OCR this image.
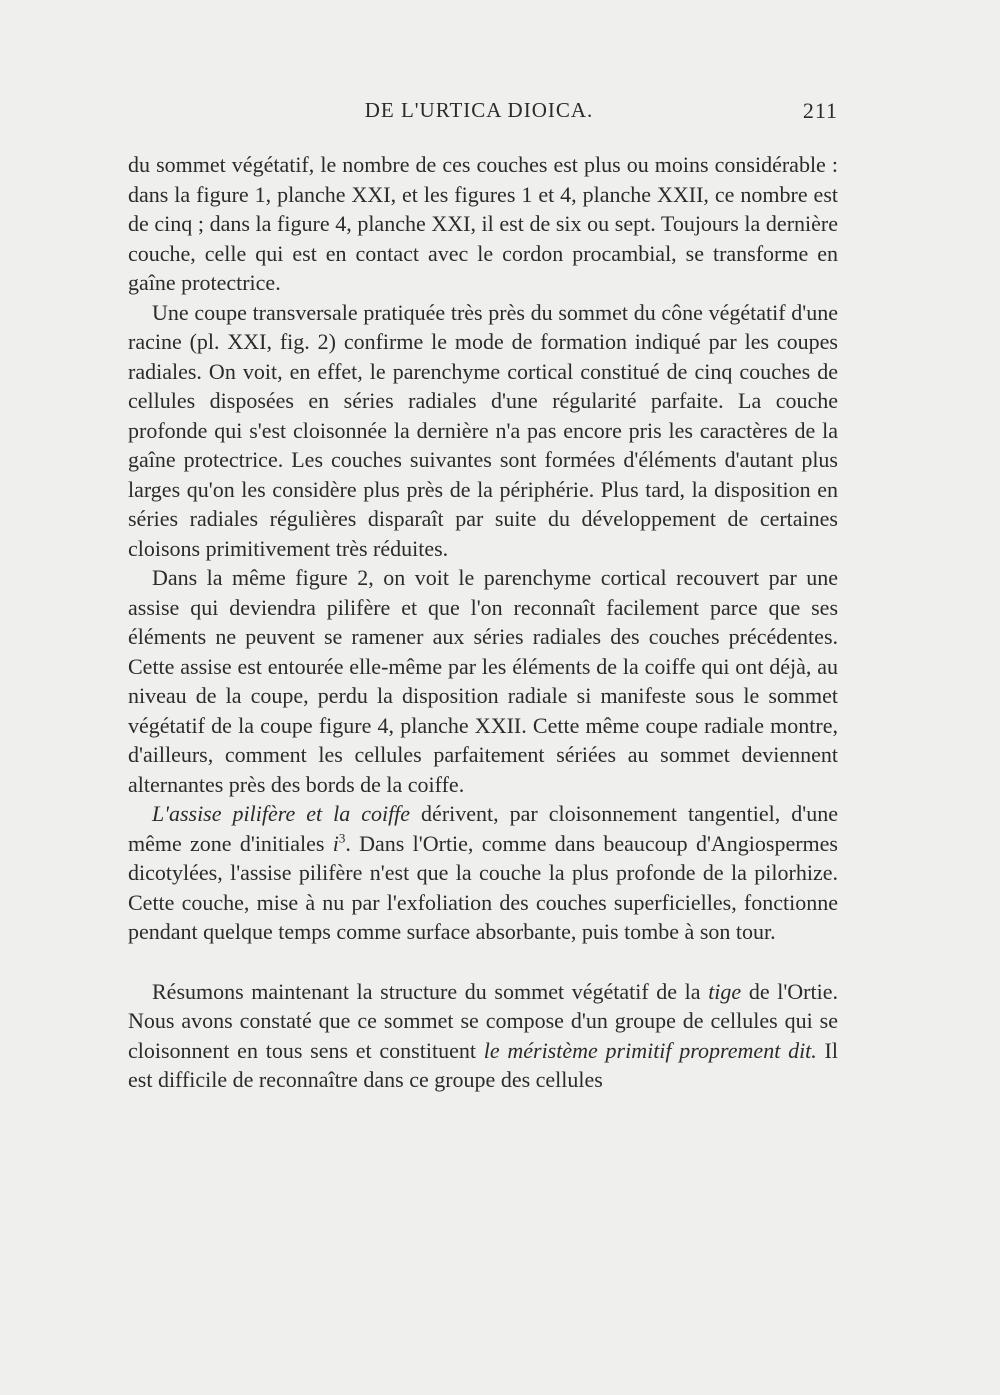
DE L'URTICA DIOICA.	211

du sommet végétatif, le nombre de ces couches est plus ou moins considérable : dans la figure 1, planche XXI, et les figures 1 et 4, planche XXII, ce nombre est de cinq ; dans la figure 4, planche XXI, il est de six ou sept. Toujours la dernière couche, celle qui est en contact avec le cordon procambial, se transforme en gaîne protectrice.

Une coupe transversale pratiquée très près du sommet du cône végétatif d'une racine (pl. XXI, fig. 2) confirme le mode de formation indiqué par les coupes radiales. On voit, en effet, le parenchyme cortical constitué de cinq couches de cellules disposées en séries radiales d'une régularité parfaite. La couche profonde qui s'est cloisonnée la dernière n'a pas encore pris les caractères de la gaîne protectrice. Les couches suivantes sont formées d'éléments d'autant plus larges qu'on les considère plus près de la périphérie. Plus tard, la disposition en séries radiales régulières disparaît par suite du développement de certaines cloisons primitivement très réduites.

Dans la même figure 2, on voit le parenchyme cortical recouvert par une assise qui deviendra pilifère et que l'on reconnaît facilement parce que ses éléments ne peuvent se ramener aux séries radiales des couches précédentes. Cette assise est entourée elle-même par les éléments de la coiffe qui ont déjà, au niveau de la coupe, perdu la disposition radiale si manifeste sous le sommet végétatif de la coupe figure 4, planche XXII. Cette même coupe radiale montre, d'ailleurs, comment les cellules parfaitement sériées au sommet deviennent alternantes près des bords de la coiffe.

L'assise pilifère et la coiffe dérivent, par cloisonnement tangentiel, d'une même zone d'initiales $i^3$. Dans l'Ortie, comme dans beaucoup d'Angiospermes dicotylées, l'assise pilifère n'est que la couche la plus profonde de la pilorhize. Cette couche, mise à nu par l'exfoliation des couches superficielles, fonctionne pendant quelque temps comme surface absorbante, puis tombe à son tour.

Résumons maintenant la structure du sommet végétatif de la tige de l'Ortie. Nous avons constaté que ce sommet se compose d'un groupe de cellules qui se cloisonnent en tous sens et constituent le méristème primitif proprement dit. Il est difficile de reconnaître dans ce groupe des cellules
